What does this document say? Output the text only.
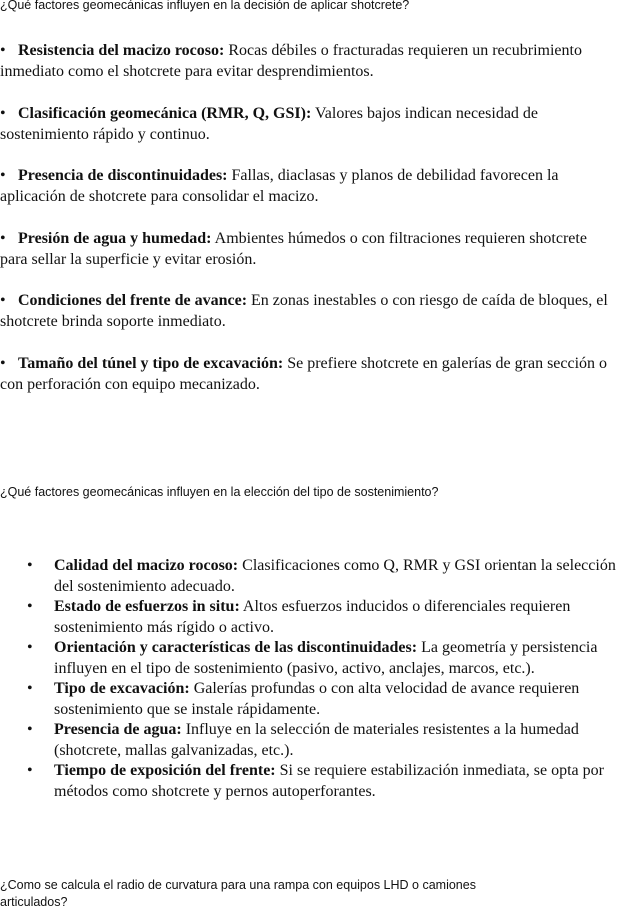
¿Qué factores geomecánicas influyen en la decisión de aplicar shotcrete?

• Resistencia del macizo rocoso: Rocas débiles o fracturadas requieren un recubrimiento inmediato como el shotcrete para evitar desprendimientos.

• Clasificación geomecánica (RMR, Q, GSI): Valores bajos indican necesidad de sostenimiento rápido y continuo.

• Presencia de discontinuidades: Fallas, diaclasas y planos de debilidad favorecen la aplicación de shotcrete para consolidar el macizo.

• Presión de agua y humedad: Ambientes húmedos o con filtraciones requieren shotcrete para sellar la superficie y evitar erosión.

• Condiciones del frente de avance: En zonas inestables o con riesgo de caída de bloques, el shotcrete brinda soporte inmediato.

• Tamaño del túnel y tipo de excavación: Se prefiere shotcrete en galerías de gran sección o con perforación con equipo mecanizado.

¿Qué factores geomecánicas influyen en la elección del tipo de sostenimiento?

• Calidad del macizo rocoso: Clasificaciones como Q, RMR y GSI orientan la selección del sostenimiento adecuado.
• Estado de esfuerzos in situ: Altos esfuerzos inducidos o diferenciales requieren sostenimiento más rígido o activo.
• Orientación y características de las discontinuidades: La geometría y persistencia influyen en el tipo de sostenimiento (pasivo, activo, anclajes, marcos, etc.).
• Tipo de excavación: Galerías profundas o con alta velocidad de avance requieren sostenimiento que se instale rápidamente.
• Presencia de agua: Influye en la selección de materiales resistentes a la humedad (shotcrete, mallas galvanizadas, etc.).
• Tiempo de exposición del frente: Si se requiere estabilización inmediata, se opta por métodos como shotcrete y pernos autoperforantes.

¿Como se calcula el radio de curvatura para una rampa con equipos LHD o camiones
articulados?
